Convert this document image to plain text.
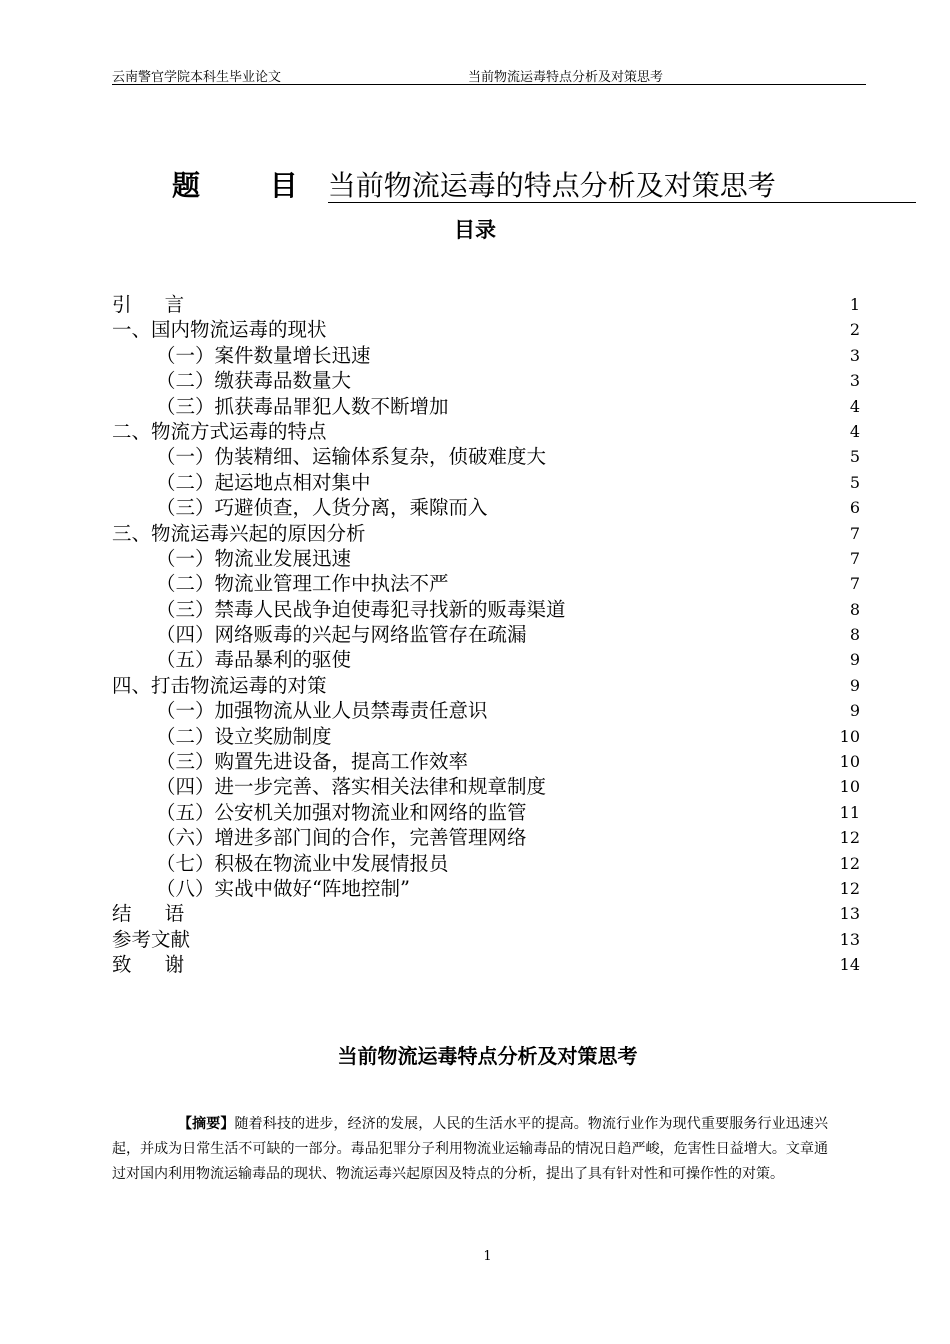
云南警官学院本科生毕业论文	当前物流运毒特点分析及对策思考
题 目当前物流运毒的特点分析及对策思考
目录
引言	1
一、国内物流运毒的现状	2
（一）案件数量增长迅速	3
（二）缴获毒品数量大	3
（三）抓获毒品罪犯人数不断增加	4
二、物流方式运毒的特点	4
（一）伪装精细、运输体系复杂，侦破难度大	5
（二）起运地点相对集中	5
（三）巧避侦查，人货分离，乘隙而入	6
三、物流运毒兴起的原因分析	7
（一）物流业发展迅速	7
（二）物流业管理工作中执法不严	7
（三）禁毒人民战争迫使毒犯寻找新的贩毒渠道	8
（四）网络贩毒的兴起与网络监管存在疏漏	8
（五）毒品暴利的驱使	9
四、打击物流运毒的对策	9
（一）加强物流从业人员禁毒责任意识	9
（二）设立奖励制度	10
（三）购置先进设备，提高工作效率	10
（四）进一步完善、落实相关法律和规章制度	10
（五）公安机关加强对物流业和网络的监管	11
（六）增进多部门间的合作，完善管理网络	12
（七）积极在物流业中发展情报员	12
（八）实战中做好“阵地控制”	12
结语	13
参考文献	13
致谢	14
当前物流运毒特点分析及对策思考
【摘要】随着科技的进步，经济的发展，人民的生活水平的提高。物流行业作为现代重要服务行业迅速兴起，并成为日常生活不可缺的一部分。毒品犯罪分子利用物流业运输毒品的情况日趋严峻，危害性日益增大。文章通过对国内利用物流运输毒品的现状、物流运毒兴起原因及特点的分析，提出了具有针对性和可操作性的对策。
1
